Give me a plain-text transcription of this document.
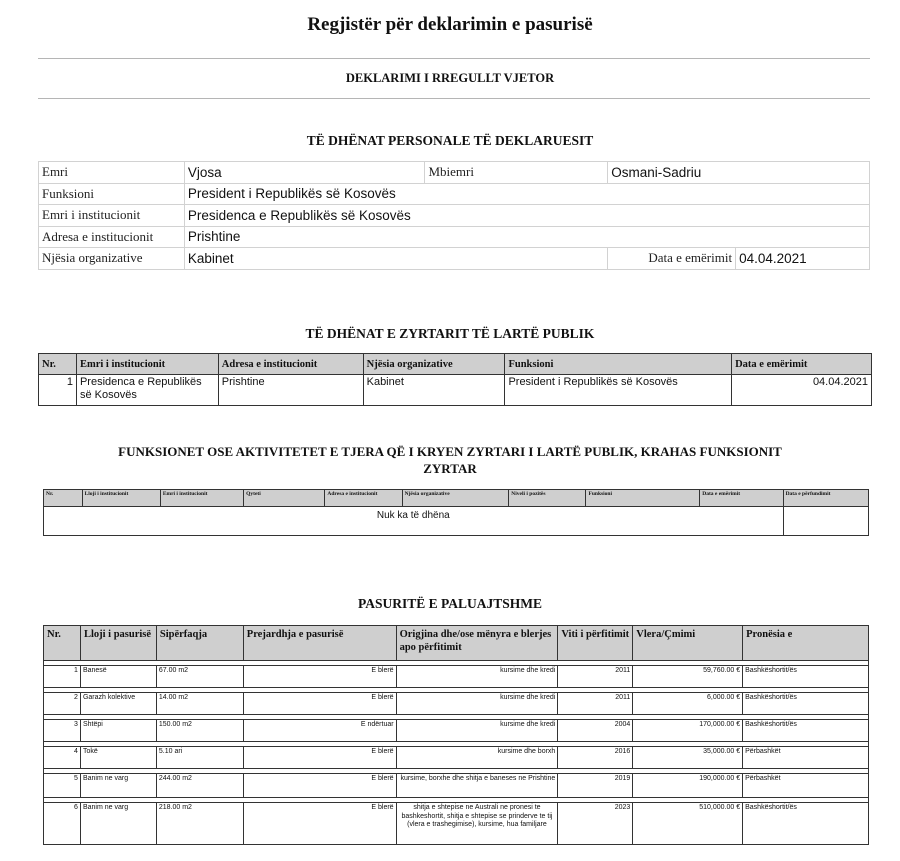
Regjistër për deklarimin e pasurisë
DEKLARIMI I RREGULLT VJETOR
TË DHËNAT PERSONALE TË DEKLARUESIT
Emri	Vjosa	Mbiemri	Osmani-Sadriu	
Funksioni	President i Republikës së Kosovës			
Emri i institucionit	Presidenca e Republikës së Kosovës			
Adresa e institucionit	Prishtine			
Njësia organizative	Kabinet		Data e emërimit	04.04.2021
TË DHËNAT E ZYRTARIT TË LARTË PUBLIK
Nr.	Emri i institucionit	Adresa e institucionit	Njësia organizative	Funksioni	Data e emërimit
1	Presidenca e Republikës së Kosovës	Prishtine	Kabinet	President i Republikës së Kosovës	04.04.2021
FUNKSIONET OSE AKTIVITETET E TJERA QË I KRYEN ZYRTARI I LARTË PUBLIK, KRAHAS FUNKSIONIT
ZYRTAR
Nr.	Lloji i institucionit	Emri i institucionit	Qyteti	Adresa e institucionit	Njësia organizative	Niveli i pozitës	Funksioni	Data e emërimit	Data e përfundimit
Nuk ka të dhëna									
PASURITË E PALUAJTSHME
Nr.	Lloji i pasurisë	Sipërfaqja	Prejardhja e pasurisë	Origjina dhe/ose mënyra e blerjes apo përfitimit	Viti i përfitimit	Vlera/Çmimi	Pronësia e

1	Banesë	67.00 m2	E blerë	kursime dhe kredi	2011	59,760.00 €	Bashkëshortit/ës

2	Garazh kolektive	14.00 m2	E blerë	kursime dhe kredi	2011	6,000.00 €	Bashkëshortit/ës

3	Shtëpi	150.00 m2	E ndërtuar	kursime dhe kredi	2004	170,000.00 €	Bashkëshortit/ës

4	Tokë	5.10 ari	E blerë	kursime dhe borxh	2016	35,000.00 €	Përbashkët

5	Banim ne varg	244.00 m2	E blerë	kursime, borxhe dhe shitja e baneses ne Prishtine	2019	190,000.00 €	Përbashkët

6	Banim ne varg	218.00 m2	E blerë	shitja e shtepise ne Australi ne pronesi te bashkeshortit, shitja e shtepise se prinderve te tij (vlera e trashegimise), kursime, hua familjare	2023	510,000.00 €	Bashkëshortit/ës
